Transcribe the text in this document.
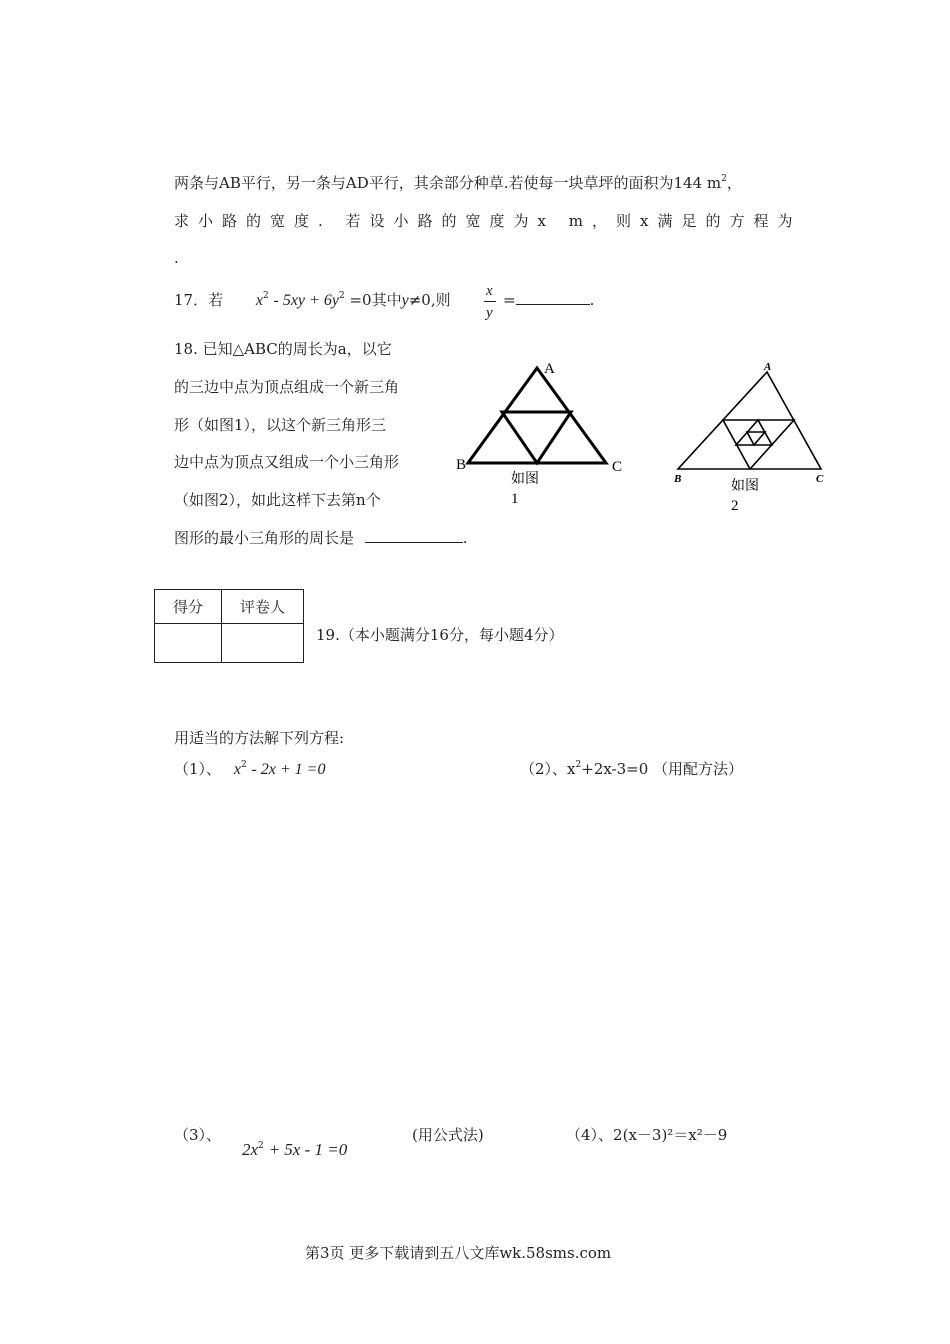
两条与AB平行，另一条与AD平行，其余部分种草.若使每一块草坪的面积为144 $m^2$，
求小路的宽度. 若设小路的宽度为x m，则x满足的方程为
.
17．若 $x^2 - 5xy + 6y^2 =0$其中y≠0,则 x
y
=	.
18. 已知△ABC的周长为a，以它
的三边中点为顶点组成一个新三角
形（如图1），以这个新三角形三
边中点为顶点又组成一个小三角形
（如图2），如此这样下去第n个
图形的最小三角形的周长是	.
A
B	C
如图
1
A
B	C
如图
2
得分	评卷人

19.（本小题满分16分，每小题4分）
用适当的方法解下列方程:
（1）、 $x^2 - 2x + 1 =0$	（2）、$x^2+2x-3=0$ （用配方法）
（3）、
$2x^2 + 5x - 1 =0$
(用公式法)	（4）、2(x－3)²＝x²－9
第3页 更多下载请到五八文库wk.58sms.com
